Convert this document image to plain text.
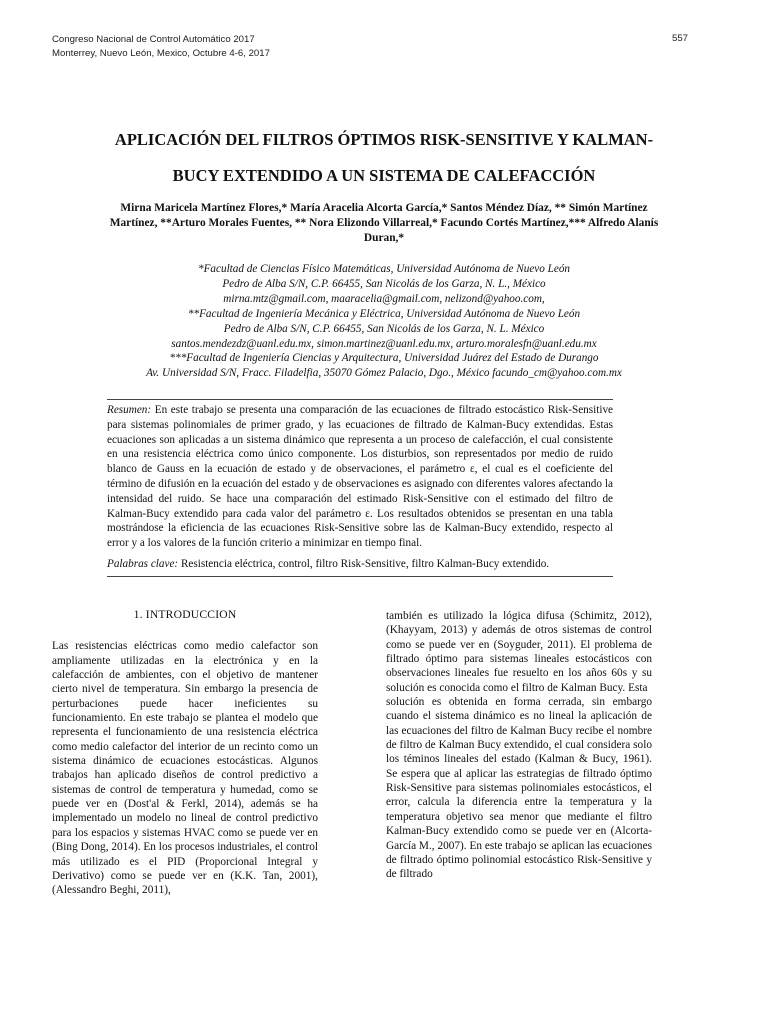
Congreso Nacional de Control Automático 2017
Monterrey, Nuevo León, Mexico, Octubre 4-6, 2017
557
APLICACIÓN DEL FILTROS ÓPTIMOS RISK-SENSITIVE Y KALMAN-
BUCY EXTENDIDO A UN SISTEMA DE CALEFACCIÓN
Mirna Maricela Martínez Flores,* María Aracelia Alcorta García,* Santos Méndez Díaz, ** Simón Martínez
Martínez, **Arturo Morales Fuentes, ** Nora Elizondo Villarreal,* Facundo Cortés Martínez,*** Alfredo Alanís
Duran,*
*Facultad de Ciencias Físico Matemáticas, Universidad Autónoma de Nuevo León
Pedro de Alba S/N, C.P. 66455, San Nicolás de los Garza, N. L., México
mirna.mtz@gmail.com, maaracelia@gmail.com, nelizond@yahoo.com,
**Facultad de Ingeniería Mecánica y Eléctrica, Universidad Autónoma de Nuevo León
Pedro de Alba S/N, C.P. 66455, San Nicolás de los Garza, N. L. México
santos.mendezdz@uanl.edu.mx, simon.martinez@uanl.edu.mx, arturo.moralesfn@uanl.edu.mx
***Facultad de Ingeniería Ciencias y Arquitectura, Universidad Juárez del Estado de Durango
Av. Universidad S/N, Fracc. Filadelfia, 35070 Gómez Palacio, Dgo., México facundo_cm@yahoo.com.mx

Resumen: En este trabajo se presenta una comparación de las ecuaciones de filtrado estocástico Risk-Sensitive para sistemas polinomiales de primer grado, y las ecuaciones de filtrado de Kalman-Bucy extendidas. Estas ecuaciones son aplicadas a un sistema dinámico que representa a un proceso de calefacción, el cual consistente en una resistencia eléctrica como único componente. Los disturbios, son representados por medio de ruido blanco de Gauss en la ecuación de estado y de observaciones, el parámetro ε, el cual es el coeficiente del término de difusión en la ecuación del estado y de observaciones es asignado con diferentes valores afectando la intensidad del ruido. Se hace una comparación del estimado Risk-Sensitive con el estimado del filtro de Kalman-Bucy extendido para cada valor del parámetro ε. Los resultados obtenidos se presentan en una tabla mostrándose la eficiencia de las ecuaciones Risk-Sensitive sobre las de Kalman-Bucy extendido, respecto al error y a los valores de la función criterio a minimizar en tiempo final.

Palabras clave: Resistencia eléctrica, control, filtro Risk-Sensitive, filtro Kalman-Bucy extendido.

1. INTRODUCCION

Las resistencias eléctricas como medio calefactor son ampliamente utilizadas en la electrónica y en la calefacción de ambientes, con el objetivo de mantener cierto nivel de temperatura. Sin embargo la presencia de perturbaciones puede hacer ineficientes su funcionamiento. En este trabajo se plantea el modelo que representa el funcionamiento de una resistencia eléctrica como medio calefactor del interior de un recinto como un sistema dinámico de ecuaciones estocásticas. Algunos trabajos han aplicado diseños de control predictivo a sistemas de control de temperatura y humedad, como se puede ver en (Dost'al & Ferkl, 2014), además se ha implementado un modelo no lineal de control predictivo para los espacios y sistemas HVAC como se puede ver en (Bing Dong, 2014). En los procesos industriales, el control más utilizado es el PID (Proporcional Integral y Derivativo) como se puede ver en (K.K. Tan, 2001), (Alessandro Beghi, 2011),

también es utilizado la lógica difusa (Schimitz, 2012), (Khayyam, 2013) y además de otros sistemas de control como se puede ver en (Soyguder, 2011). El problema de filtrado óptimo para sistemas lineales estocásticos con observaciones lineales fue resuelto en los años 60s y su solución es conocida como el filtro de Kalman Bucy. Esta

solución es obtenida en forma cerrada, sin embargo cuando el sistema dinámico es no lineal la aplicación de las ecuaciones del filtro de Kalman Bucy recibe el nombre de filtro de Kalman Bucy extendido, el cual considera solo los téminos lineales del estado (Kalman & Bucy, 1961). Se espera que al aplicar las estrategias de filtrado óptimo Risk-Sensitive para sistemas polinomiales estocásticos, el error, calcula la diferencia entre la temperatura y la temperatura objetivo sea menor que mediante el filtro Kalman-Bucy extendido como se puede ver en (Alcorta-García M., 2007). En este trabajo se aplican las ecuaciones de filtrado óptimo polinomial estocástico Risk-Sensitive y de filtrado
